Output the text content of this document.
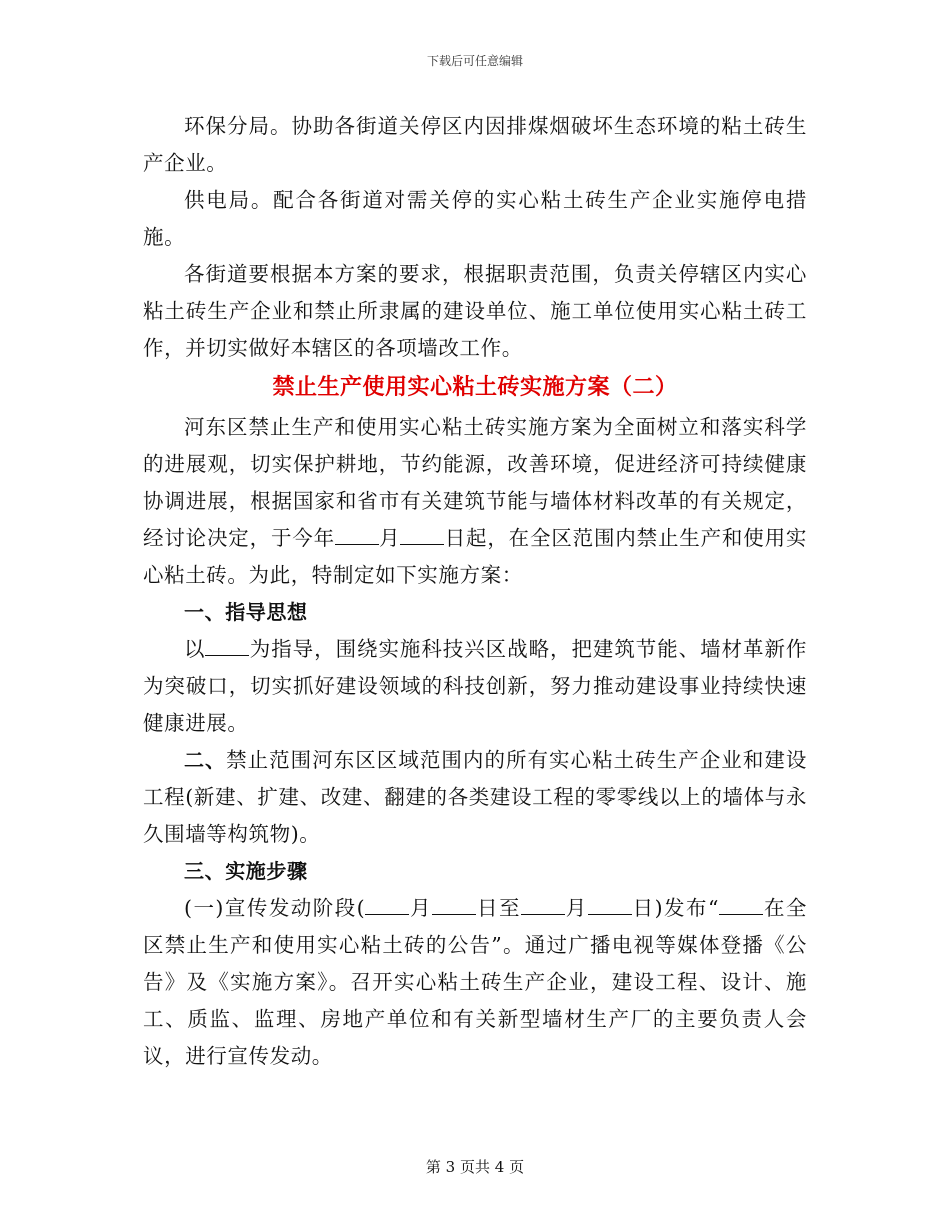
下载后可任意编辑

环保分局。协助各街道关停区内因排煤烟破坏生态环境的粘土砖生产企业。

供电局。配合各街道对需关停的实心粘土砖生产企业实施停电措施。

各街道要根据本方案的要求，根据职责范围，负责关停辖区内实心粘土砖生产企业和禁止所隶属的建设单位、施工单位使用实心粘土砖工作，并切实做好本辖区的各项墙改工作。

禁止生产使用实心粘土砖实施方案（二）

河东区禁止生产和使用实心粘土砖实施方案为全面树立和落实科学的进展观，切实保护耕地，节约能源，改善环境，促进经济可持续健康协调进展，根据国家和省市有关建筑节能与墙体材料改革的有关规定，经讨论决定，于今年 月 日起，在全区范围内禁止生产和使用实心粘土砖。为此，特制定如下实施方案：

一、指导思想

以 为指导，围绕实施科技兴区战略，把建筑节能、墙材革新作为突破口，切实抓好建设领域的科技创新，努力推动建设事业持续快速健康进展。

二、禁止范围河东区区域范围内的所有实心粘土砖生产企业和建设工程(新建、扩建、改建、翻建的各类建设工程的零零线以上的墙体与永久围墙等构筑物)。

三、实施步骤

(一)宣传发动阶段( 月 日至 月 日)发布“ 在全区禁止生产和使用实心粘土砖的公告”。通过广播电视等媒体登播《公告》及《实施方案》。召开实心粘土砖生产企业，建设工程、设计、施工、质监、监理、房地产单位和有关新型墙材生产厂的主要负责人会议，进行宣传发动。

第 3 页共 4 页
